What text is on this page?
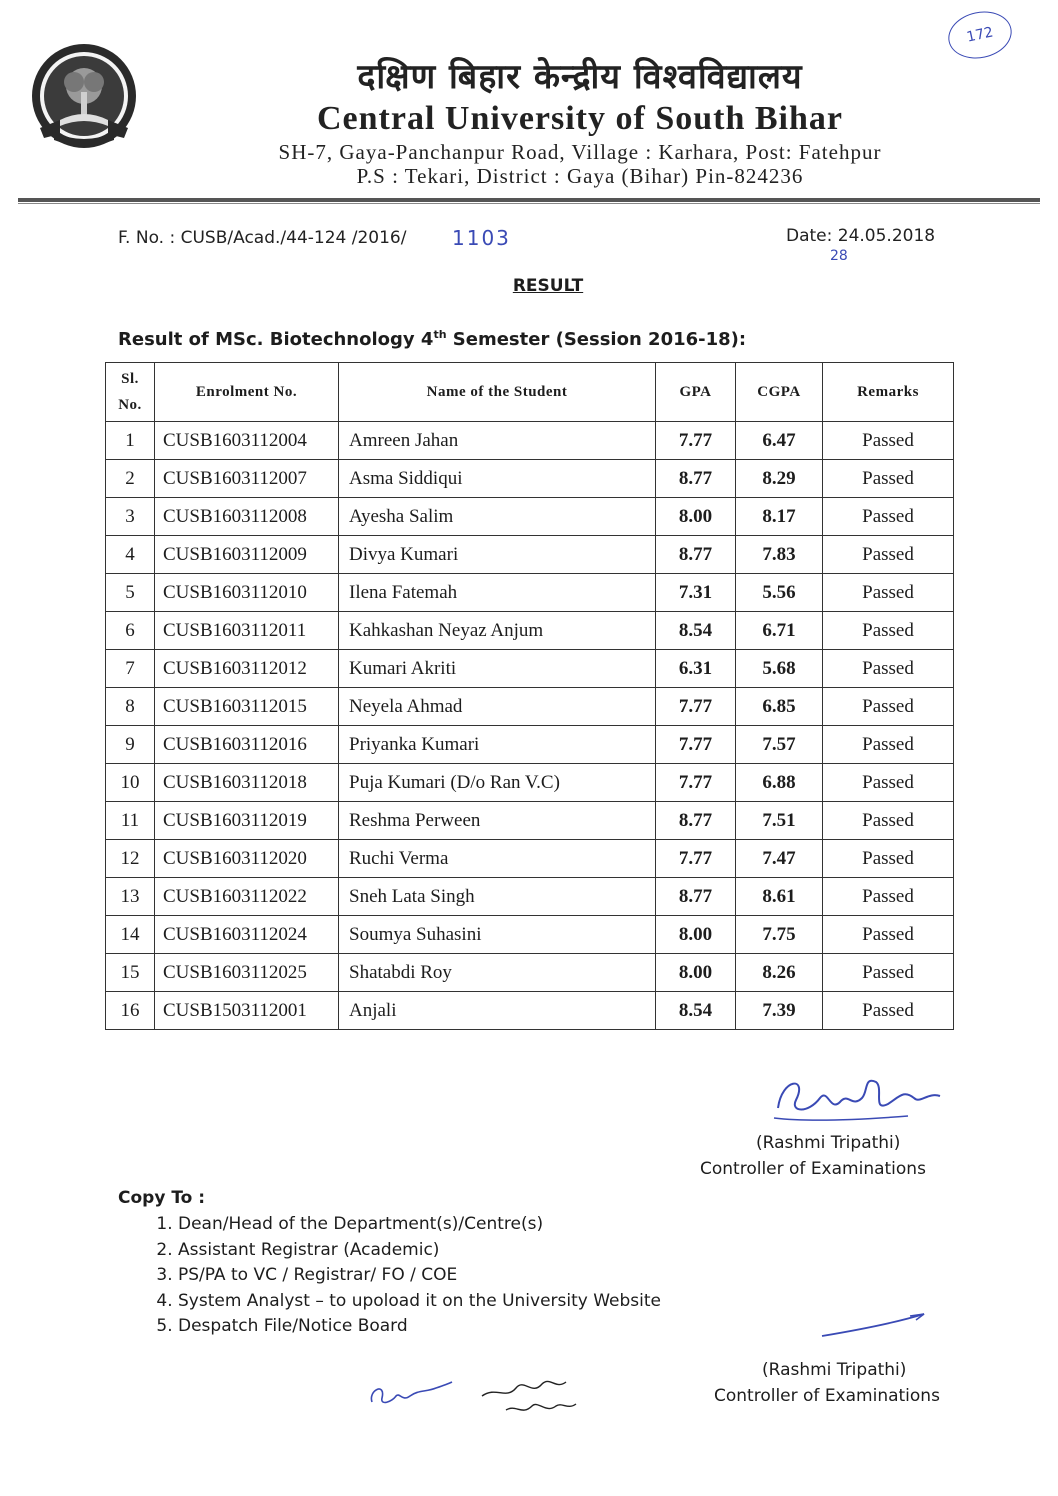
172
दक्षिण बिहार केन्द्रीय विश्वविद्यालय
Central University of South Bihar
SH-7, Gaya-Panchanpur Road, Village : Karhara, Post: Fatehpur
P.S : Tekari, District : Gaya (Bihar) Pin-824236
F. No. : CUSB/Acad./44-124 /2016/ 1103	Date: 24.05.2018
28
RESULT
Result of MSc. Biotechnology 4th Semester (Session 2016-18):
Sl.
No.	Enrolment No.	Name of the Student	GPA	CGPA	Remarks
1	CUSB1603112004	Amreen Jahan	7.77	6.47	Passed
2	CUSB1603112007	Asma Siddiqui	8.77	8.29	Passed
3	CUSB1603112008	Ayesha Salim	8.00	8.17	Passed
4	CUSB1603112009	Divya Kumari	8.77	7.83	Passed
5	CUSB1603112010	Ilena Fatemah	7.31	5.56	Passed
6	CUSB1603112011	Kahkashan Neyaz Anjum	8.54	6.71	Passed
7	CUSB1603112012	Kumari Akriti	6.31	5.68	Passed
8	CUSB1603112015	Neyela Ahmad	7.77	6.85	Passed
9	CUSB1603112016	Priyanka Kumari	7.77	7.57	Passed
10	CUSB1603112018	Puja Kumari (D/o Ran V.C)	7.77	6.88	Passed
11	CUSB1603112019	Reshma Perween	8.77	7.51	Passed
12	CUSB1603112020	Ruchi Verma	7.77	7.47	Passed
13	CUSB1603112022	Sneh Lata Singh	8.77	8.61	Passed
14	CUSB1603112024	Soumya Suhasini	8.00	7.75	Passed
15	CUSB1603112025	Shatabdi Roy	8.00	8.26	Passed
16	CUSB1503112001	Anjali	8.54	7.39	Passed
(Rashmi Tripathi)
Controller of Examinations
Copy To :
1. Dean/Head of the Department(s)/Centre(s)
2. Assistant Registrar (Academic)
3. PS/PA to VC / Registrar/ FO / COE
4. System Analyst – to upoload it on the University Website
5. Despatch File/Notice Board
(Rashmi Tripathi)
Controller of Examinations
